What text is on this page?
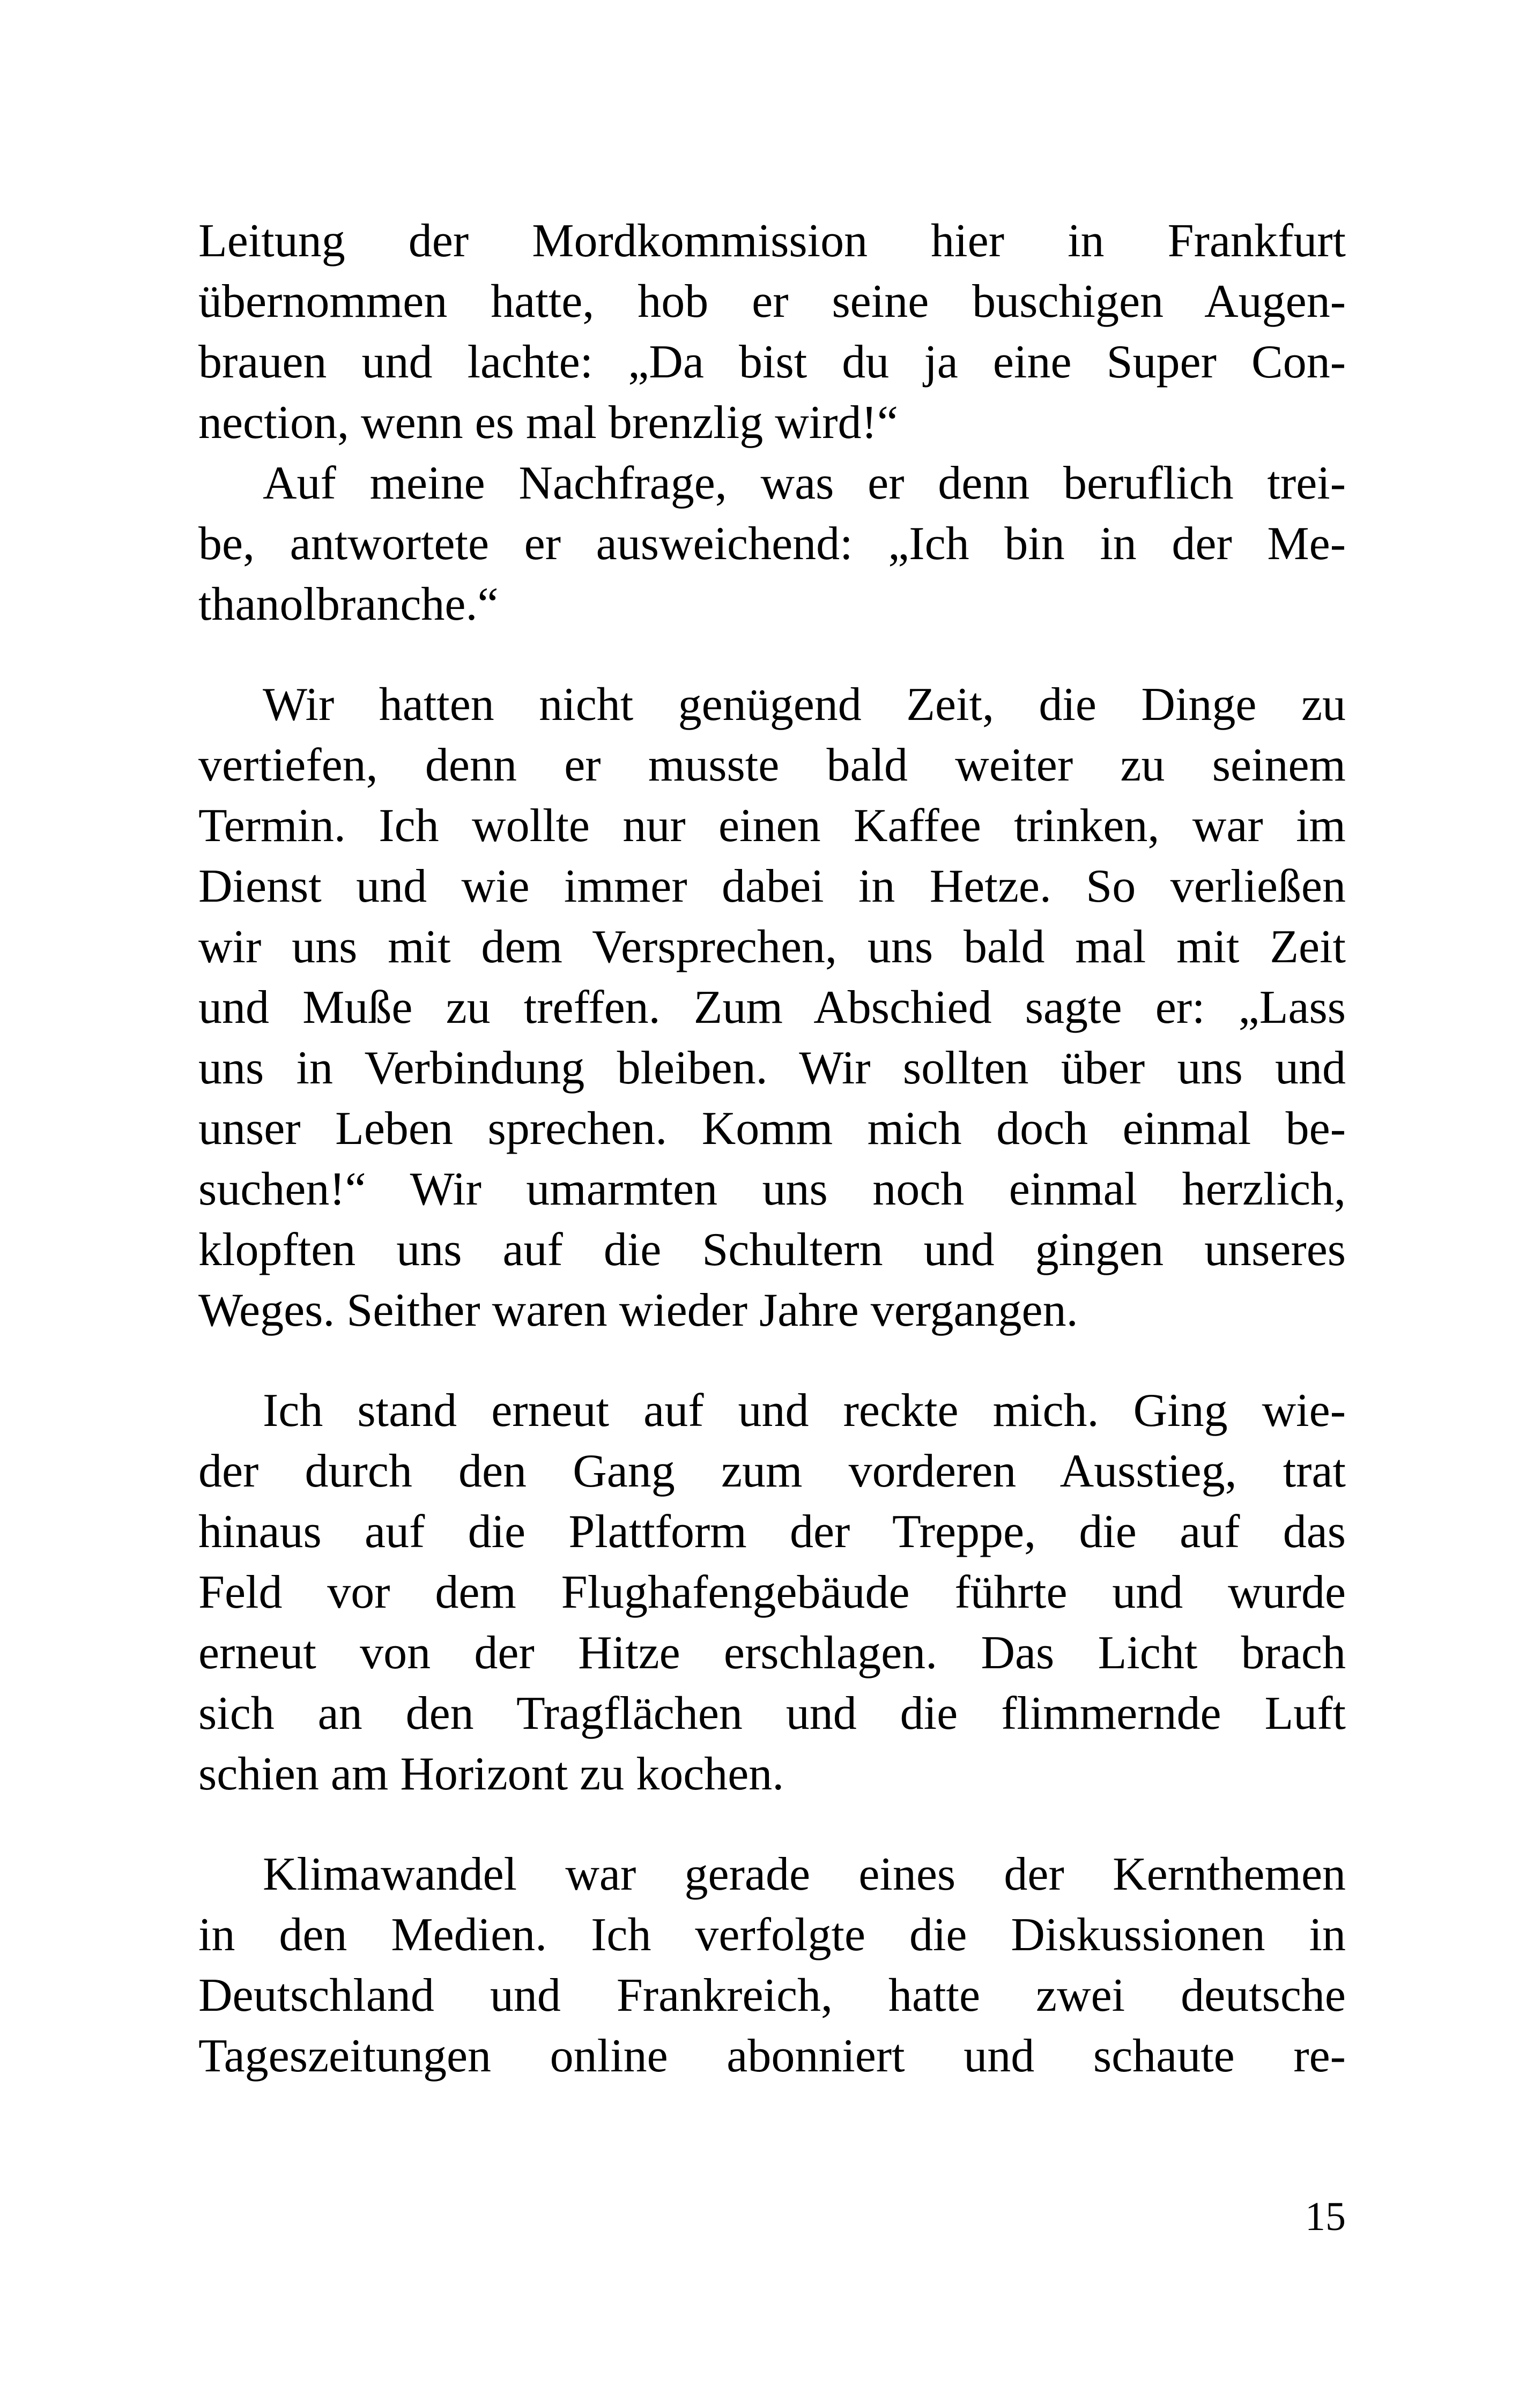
Leitung der Mordkommission hier in Frankfurt
übernommen hatte, hob er seine buschigen Augen-
brauen und lachte: „Da bist du ja eine Super Con-
nection, wenn es mal brenzlig wird!“
Auf meine Nachfrage, was er denn beruflich trei-
be, antwortete er ausweichend: „Ich bin in der Me-
thanolbranche.“
Wir hatten nicht genügend Zeit, die Dinge zu
vertiefen, denn er musste bald weiter zu seinem
Termin. Ich wollte nur einen Kaffee trinken, war im
Dienst und wie immer dabei in Hetze. So verließen
wir uns mit dem Versprechen, uns bald mal mit Zeit
und Muße zu treffen. Zum Abschied sagte er: „Lass
uns in Verbindung bleiben. Wir sollten über uns und
unser Leben sprechen. Komm mich doch einmal be-
suchen!“ Wir umarmten uns noch einmal herzlich,
klopften uns auf die Schultern und gingen unseres
Weges. Seither waren wieder Jahre vergangen.
Ich stand erneut auf und reckte mich. Ging wie-
der durch den Gang zum vorderen Ausstieg, trat
hinaus auf die Plattform der Treppe, die auf das
Feld vor dem Flughafengebäude führte und wurde
erneut von der Hitze erschlagen. Das Licht brach
sich an den Tragflächen und die flimmernde Luft
schien am Horizont zu kochen.
Klimawandel war gerade eines der Kernthemen
in den Medien. Ich verfolgte die Diskussionen in
Deutschland und Frankreich, hatte zwei deutsche
Tageszeitungen online abonniert und schaute re-
15
